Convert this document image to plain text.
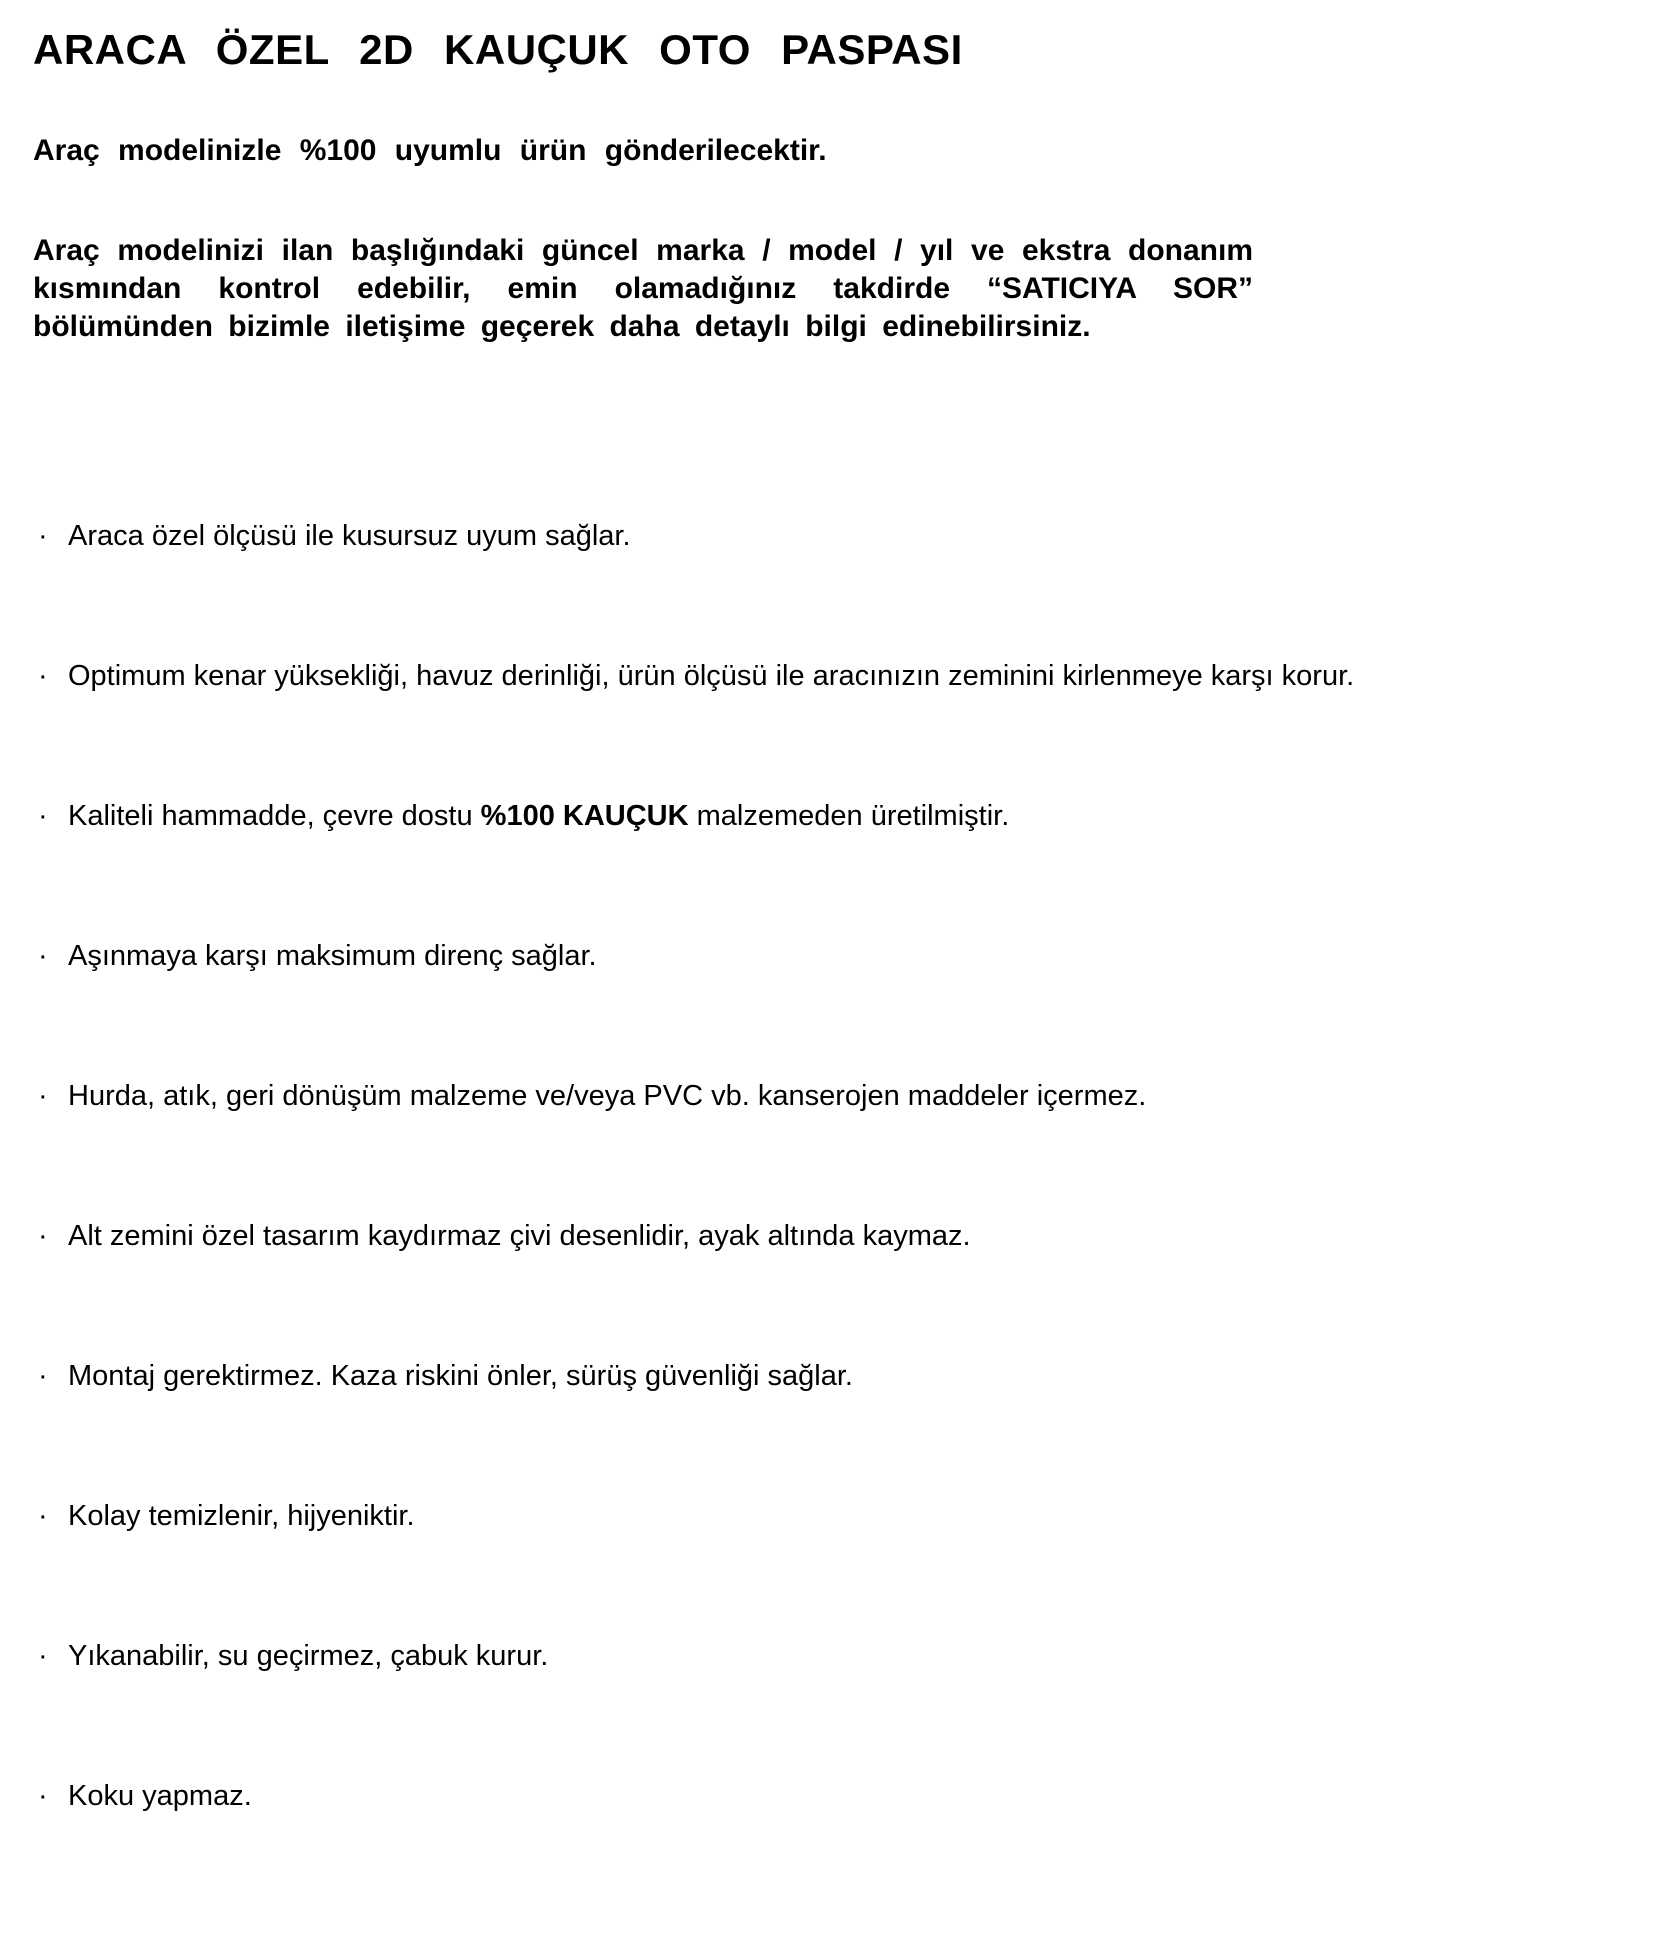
ARACA ÖZEL 2D KAUÇUK OTO PASPASI

Araç modelinizle %100 uyumlu ürün gönderilecektir.

Araç modelinizi ilan başlığındaki güncel marka / model / yıl ve ekstra donanım kısmından kontrol edebilir, emin olamadığınız takdirde “SATICIYA SOR” bölümünden bizimle iletişime geçerek daha detaylı bilgi edinebilirsiniz.

· Araca özel ölçüsü ile kusursuz uyum sağlar.
· Optimum kenar yüksekliği, havuz derinliği, ürün ölçüsü ile aracınızın zeminini kirlenmeye karşı korur.
· Kaliteli hammadde, çevre dostu %100 KAUÇUK malzemeden üretilmiştir.
· Aşınmaya karşı maksimum direnç sağlar.
· Hurda, atık, geri dönüşüm malzeme ve/veya PVC vb. kanserojen maddeler içermez.
· Alt zemini özel tasarım kaydırmaz çivi desenlidir, ayak altında kaymaz.
· Montaj gerektirmez. Kaza riskini önler, sürüş güvenliği sağlar.
· Kolay temizlenir, hijyeniktir.
· Yıkanabilir, su geçirmez, çabuk kurur.
· Koku yapmaz.
